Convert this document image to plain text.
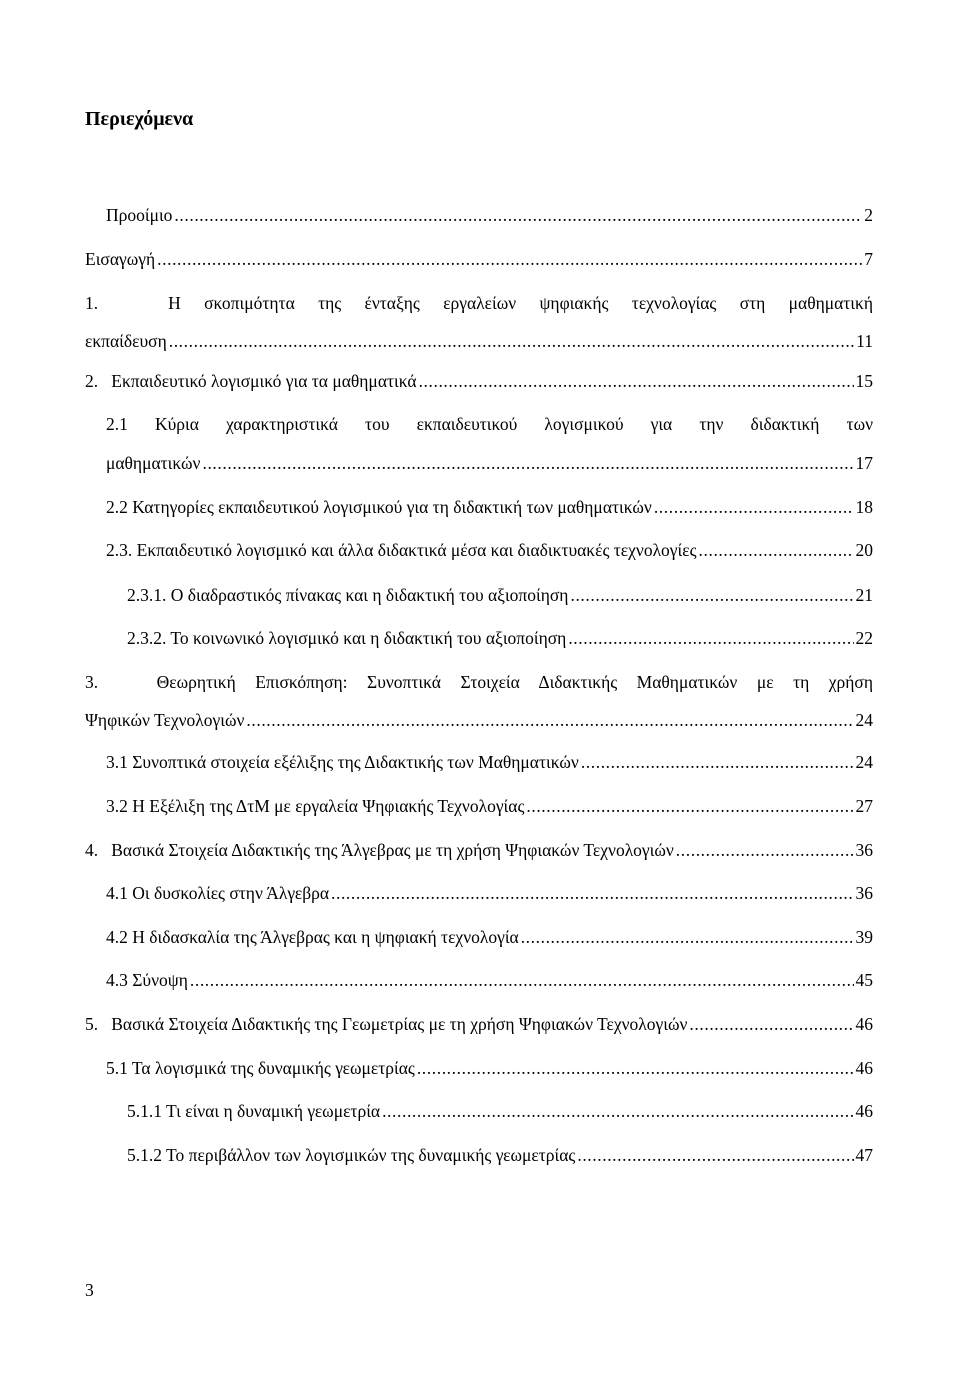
Περιεχόμενα
Προοίμιο .....	2
Εισαγωγή .....	7
1.   Η σκοπιμότητα της ένταξης εργαλείων ψηφιακής τεχνολογίας στη μαθηματική
εκπαίδευση .....	11
2.   Εκπαιδευτικό λογισμικό για τα μαθηματικά .....	15
2.1 Κύρια χαρακτηριστικά του εκπαιδευτικού λογισμικού για την διδακτική των
μαθηματικών .....	17
2.2 Κατηγορίες εκπαιδευτικού λογισμικού για τη διδακτική των μαθηματικών .....	18
2.3. Εκπαιδευτικό λογισμικό και άλλα διδακτικά μέσα και διαδικτυακές τεχνολογίες .....	20
2.3.1. Ο διαδραστικός πίνακας και η διδακτική του αξιοποίηση .....	21
2.3.2. Το κοινωνικό λογισμικό και η διδακτική του αξιοποίηση .....	22
3.   Θεωρητική Επισκόπηση: Συνοπτικά Στοιχεία Διδακτικής Μαθηματικών με τη χρήση
Ψηφικών Τεχνολογιών .....	24
3.1 Συνοπτικά στοιχεία εξέλιξης της Διδακτικής των Μαθηματικών .....	24
3.2 Η Εξέλιξη της ΔτΜ με εργαλεία Ψηφιακής Τεχνολογίας .....	27
4.   Βασικά Στοιχεία Διδακτικής της Άλγεβρας με τη χρήση Ψηφιακών Τεχνολογιών .....	36
4.1 Οι δυσκολίες στην Άλγεβρα .....	36
4.2 Η διδασκαλία της Άλγεβρας και η ψηφιακή τεχνολογία .....	39
4.3 Σύνοψη .....	45
5.   Βασικά Στοιχεία Διδακτικής της Γεωμετρίας με τη χρήση Ψηφιακών Τεχνολογιών .....	46
5.1 Τα λογισμικά της δυναμικής γεωμετρίας .....	46
5.1.1 Τι είναι η δυναμική γεωμετρία .....	46
5.1.2 Το περιβάλλον των λογισμικών της δυναμικής γεωμετρίας .....	47
3
